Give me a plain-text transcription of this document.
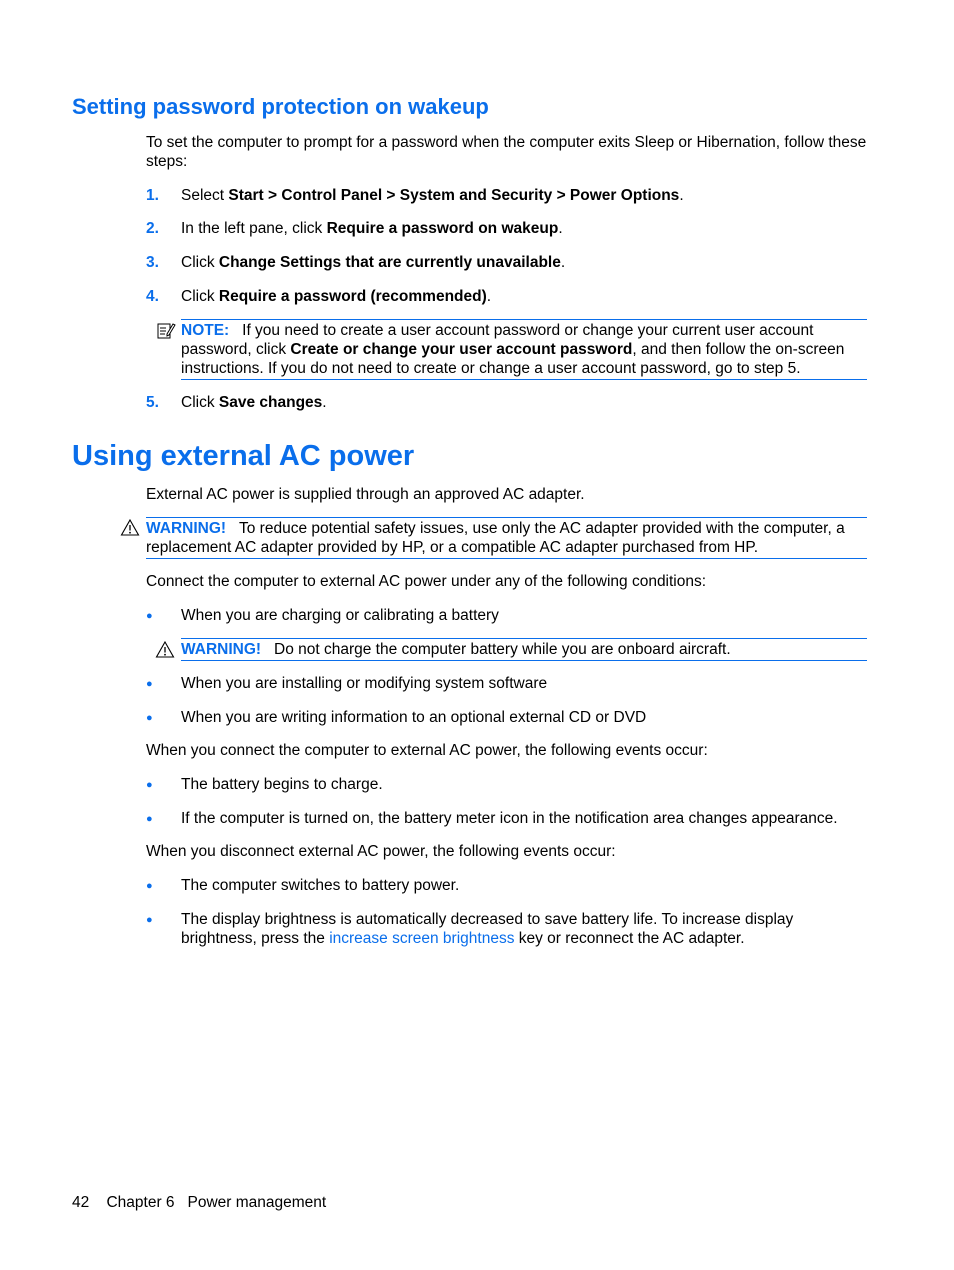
Setting password protection on wakeup
To set the computer to prompt for a password when the computer exits Sleep or Hibernation, follow these steps:
1.	Select Start > Control Panel > System and Security > Power Options.
2.	In the left pane, click Require a password on wakeup.
3.	Click Change Settings that are currently unavailable.
4.	Click Require a password (recommended).
NOTE: If you need to create a user account password or change your current user account password, click Create or change your user account password, and then follow the on-screen instructions. If you do not need to create or change a user account password, go to step 5.
5.	Click Save changes.
Using external AC power
External AC power is supplied through an approved AC adapter.
WARNING! To reduce potential safety issues, use only the AC adapter provided with the computer, a replacement AC adapter provided by HP, or a compatible AC adapter purchased from HP.
Connect the computer to external AC power under any of the following conditions:
●	When you are charging or calibrating a battery
WARNING! Do not charge the computer battery while you are onboard aircraft.
●	When you are installing or modifying system software
●	When you are writing information to an optional external CD or DVD
When you connect the computer to external AC power, the following events occur:
●	The battery begins to charge.
●	If the computer is turned on, the battery meter icon in the notification area changes appearance.
When you disconnect external AC power, the following events occur:
●	The computer switches to battery power.
●	The display brightness is automatically decreased to save battery life. To increase display brightness, press the increase screen brightness key or reconnect the AC adapter.
42 Chapter 6 Power management
